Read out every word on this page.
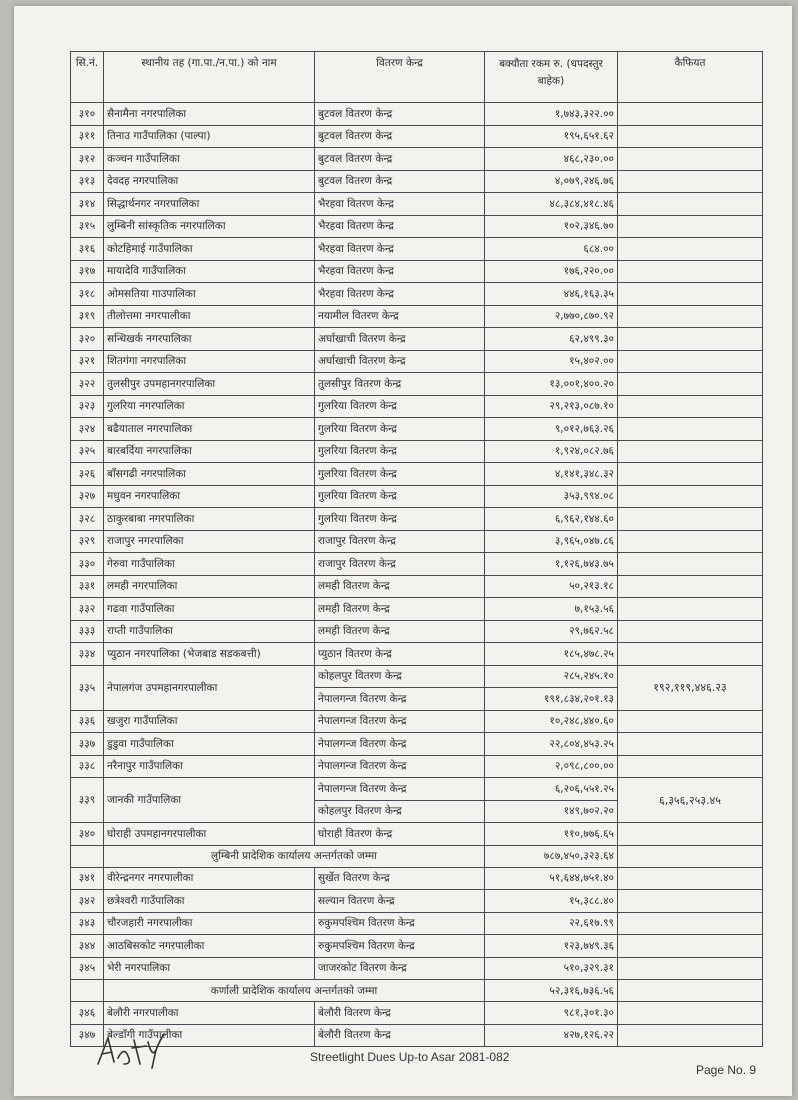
सि.नं.	स्थानीय तह (गा.पा./न.पा.) को नाम	वितरण केन्द्र	बक्यौता रकम रु. (धपदस्तुर बाहेक)	कैफियत
३१०	सैनामैना नगरपालिका	बुटवल वितरण केन्द्र	१,७४३,३२२.००	
३११	तिनाउ गाउँपालिका (पाल्पा)	बुटवल वितरण केन्द्र	१९५,६५१.६२	
३१२	कञ्चन गाउँपालिका	बुटवल वितरण केन्द्र	४६८,२३०.००	
३१३	देवदह नगरपालिका	बुटवल वितरण केन्द्र	४,०७९,२४६.७६	
३१४	सिद्धार्थनगर नगरपालिका	भैरहवा वितरण केन्द्र	४८,३८४,४१८.४६	
३१५	लुम्बिनी सांस्कृतिक नगरपालिका	भैरहवा वितरण केन्द्र	१०२,३४६.७०	
३१६	कोटहिमाई गाउँपालिका	भैरहवा वितरण केन्द्र	६८४.००	
३१७	मायादेवि गाउँपालिका	भैरहवा वितरण केन्द्र	१७६,२२०.००	
३१८	ओमसतिया गाउपालिका	भैरहवा वितरण केन्द्र	४४६,१६३.३५	
३१९	तीलोत्तमा नगरपालीका	नयामील वितरण केन्द्र	२,७७०,८७०.९२	
३२०	सन्धिखर्क नगरपालिका	अर्घाखाची वितरण केन्द्र	६२,४९९.३०	
३२१	शितगंगा नगरपालिका	अर्घाखाची वितरण केन्द्र	१५,४०२.००	
३२२	तुलसीपुर उपमहानगरपालिका	तुलसीपुर वितरण केन्द्र	१३,००१,४००.२०	
३२३	गुलरिया नगरपालिका	गुलरिया वितरण केन्द्र	२९,२१३,०८७.१०	
३२४	बढैयाताल नगरपालिका	गुलरिया वितरण केन्द्र	९,०१२,७६३.२६	
३२५	बारबर्दिया नगरपालिका	गुलरिया वितरण केन्द्र	१,९२४,०८२.७६	
३२६	बाँसगढी नगरपालिका	गुलरिया वितरण केन्द्र	४,१४१,३४८.३२	
३२७	मधुवन नगरपालिका	गुलरिया वितरण केन्द्र	३५३,९९४.०८	
३२८	ठाकुरबाबा नगरपालिका	गुलरिया वितरण केन्द्र	६,९६२,१४४.६०	
३२९	राजापुर नगरपालिका	राजापुर वितरण केन्द्र	३,९६५,०४७.८६	
३३०	गेरुवा गाउँपालिका	राजापुर वितरण केन्द्र	१,१२६,७४३.७५	
३३१	लमही नगरपालिका	लमही वितरण केन्द्र	५०,२१३.१८	
३३२	गढवा गाउँपालिका	लमही वितरण केन्द्र	७,१५३.५६	
३३३	राप्ती गाउँपालिका	लमही वितरण केन्द्र	२९,७६२.५८	
३३४	प्युठान नगरपालिका (भेजबाड सडकबत्ती)	प्युठान वितरण केन्द्र	१८५,४७८.२५	
३३५	नेपालगंज उपमहानगरपालीका	कोहलपुर वितरण केन्द्र	२८५,२४५.१०	१९२,११९,४४६.२३
		नेपालगन्ज वितरण केन्द्र	१९१,८३४,२०१.१३	
३३६	खजुरा गाउँपालिका	नेपालगन्ज वितरण केन्द्र	१०,२४८,४४०.६०	
३३७	डुडुवा गाउँपालिका	नेपालगन्ज वितरण केन्द्र	२२,८०४,४५३.२५	
३३८	नरैनापुर गाउँपालिका	नेपालगन्ज वितरण केन्द्र	२,०९८,८००.००	
३३९	जानकी गाउँपालिका	नेपालगन्ज वितरण केन्द्र	६,२०६,५५१.२५	६,३५६,२५३.४५
		कोहलपुर वितरण केन्द्र	१४९,७०२.२०	
३४०	घोराही उपमहानगरपालीका	घोराही वितरण केन्द्र	११०,७७६.६५	
	लुम्बिनी प्रादेशिक कार्यालय अन्तर्गतको जम्मा		७८७,४५०,३२३.६४	
३४१	वीरेन्द्रनगर नगरपालीका	सुर्खेत वितरण केन्द्र	५१,६४४,७५१.४०	
३४२	छत्रेश्वरी गाउँपालिका	सल्यान वितरण केन्द्र	१५,३८८.४०	
३४३	चौरजहारी नगरपालीका	रुकुमपश्चिम वितरण केन्द्र	२२,६१७.९९	
३४४	आठबिसकोट नगरपालीका	रुकुमपश्चिम वितरण केन्द्र	१२३,७४९.३६	
३४५	भेरी नगरपालिका	जाजरकोट वितरण केन्द्र	५१०,३२९.३१	
	कर्णाली प्रादेशिक कार्यालय अन्तर्गतको जम्मा		५२,३१६,७३६.५६	
३४६	बेलौरी नगरपालीका	बेलौरी वितरण केन्द्र	९८१,३०१.३०	
३४७	बेल्डाँगी गाउँपालीका	बेलौरी वितरण केन्द्र	४२७,१२६.२२	
Streetlight Dues Up-to Asar 2081-082
Page No. 9
